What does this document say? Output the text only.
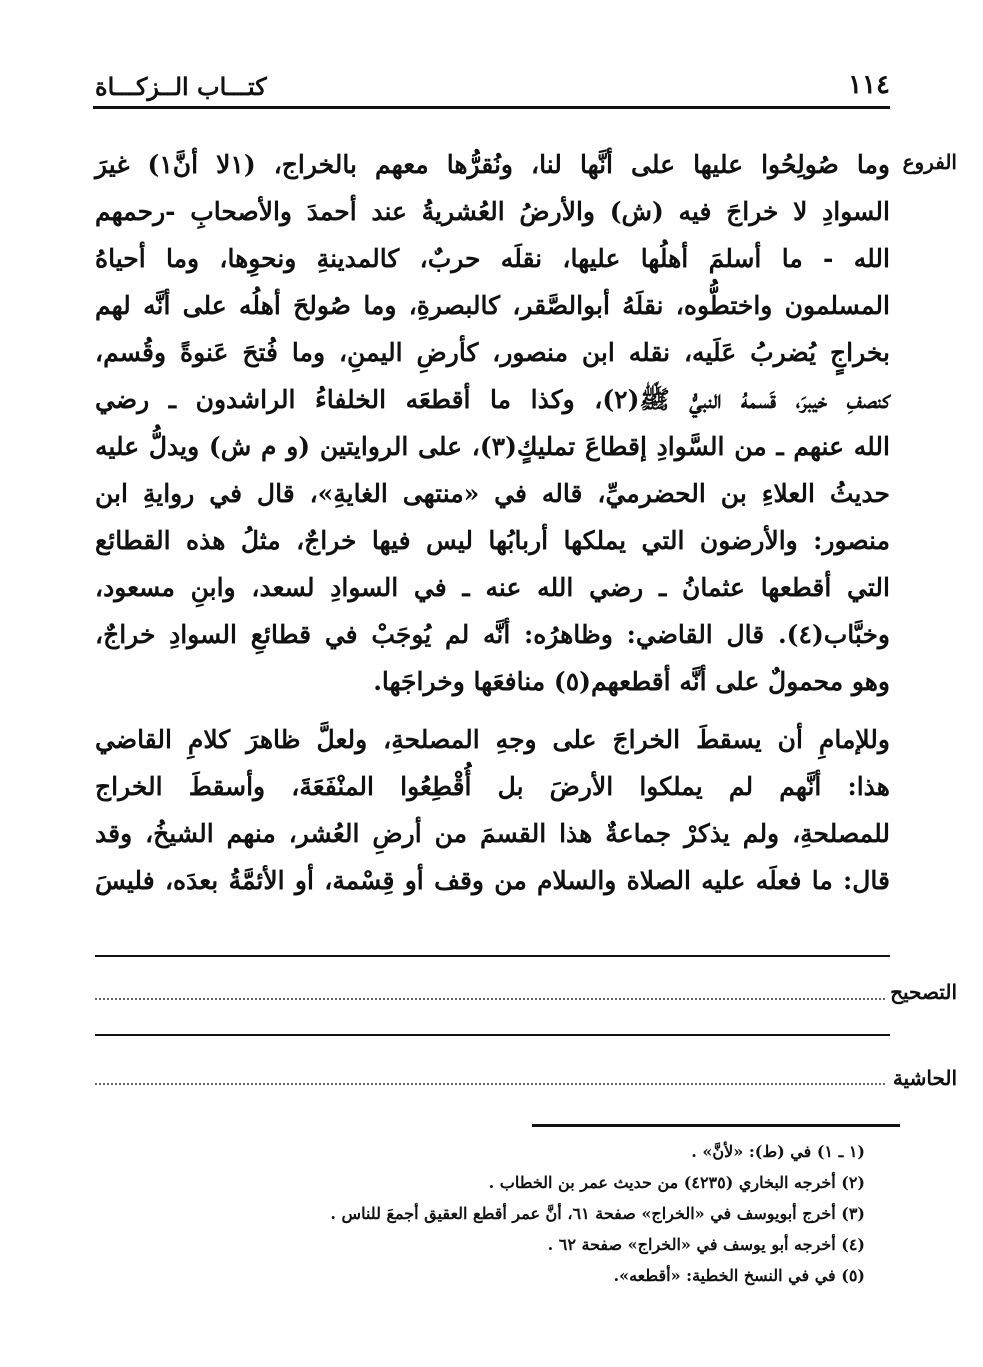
كتـــاب الــزكـــاة	١١٤
الفروع
وما صُولِحُوا عليها على أنَّها لنا، ونُقرُّها معهم بالخراج، (١لا أنَّ١) غيرَ
السوادِ لا خراجَ فيه (ش) والأرضُ العُشريةُ عند أحمدَ والأصحابِ -رحمهم
الله - ما أسلمَ أهلُها عليها، نقلَه حربٌ، كالمدينةِ ونحوِها، وما أحياهُ
المسلمون واختطُّوه، نقلَهُ أبوالصَّقر، كالبصرةِ، وما صُولحَ أهلُه على أنَّه لهم
بخراجٍ يُضربُ عَلَيه، نقله ابن منصور، كأرضِ اليمنِ، وما فُتحَ عَنوةً وقُسم،
كنصفِ خيبرَ، قَسمهُ النبيُّ ﷺ(٢)، وكذا ما أقطعَه الخلفاءُ الراشدون ـ رضي
الله عنهم ـ من السَّوادِ إقطاعَ تمليكٍ(٣)، على الروايتين (و م ش) ويدلُّ عليه
حديثُ العلاءِ بن الحضرميِّ، قاله في «منتهى الغايةِ»، قال في روايةِ ابن
منصور: والأرضون التي يملكها أربابُها ليس فيها خراجٌ، مثلُ هذه القطائع
التي أقطعها عثمانُ ـ رضي الله عنه ـ في السوادِ لسعد، وابنِ مسعود،
وخبَّاب(٤). قال القاضي: وظاهرُه: أنَّه لم يُوجَبْ في قطائعِ السوادِ خراجٌ،
وهو محمولٌ على أنَّه أقطعهم(٥) منافعَها وخراجَها.
وللإمامِ أن يسقطَ الخراجَ على وجهِ المصلحةِ، ولعلَّ ظاهرَ كلامِ القاضي
هذا: أنَّهم لم يملكوا الأرضَ بل أُقْطِعُوا المنْفَعَةَ، وأسقطَ الخراج
للمصلحةِ، ولم يذكرْ جماعةٌ هذا القسمَ من أرضِ العُشر، منهم الشيخُ، وقد
قال: ما فعلَه عليه الصلاة والسلام من وقف أو قِسْمة، أو الأئمَّةُ بعدَه، فليسَ
التصحيح
الحاشية
(١ ـ ١) في (ط): «لأنَّ» .
(٢) أخرجه البخاري (٤٢٣٥) من حديث عمر بن الخطاب .
(٣) أخرج أبويوسف في «الخراج» صفحة ٦١، أنَّ عمر أقطع العقيق أجمعَ للناس .
(٤) أخرجه أبو يوسف في «الخراج» صفحة ٦٢ .
(٥) في في النسخ الخطية: «أقطعه».
